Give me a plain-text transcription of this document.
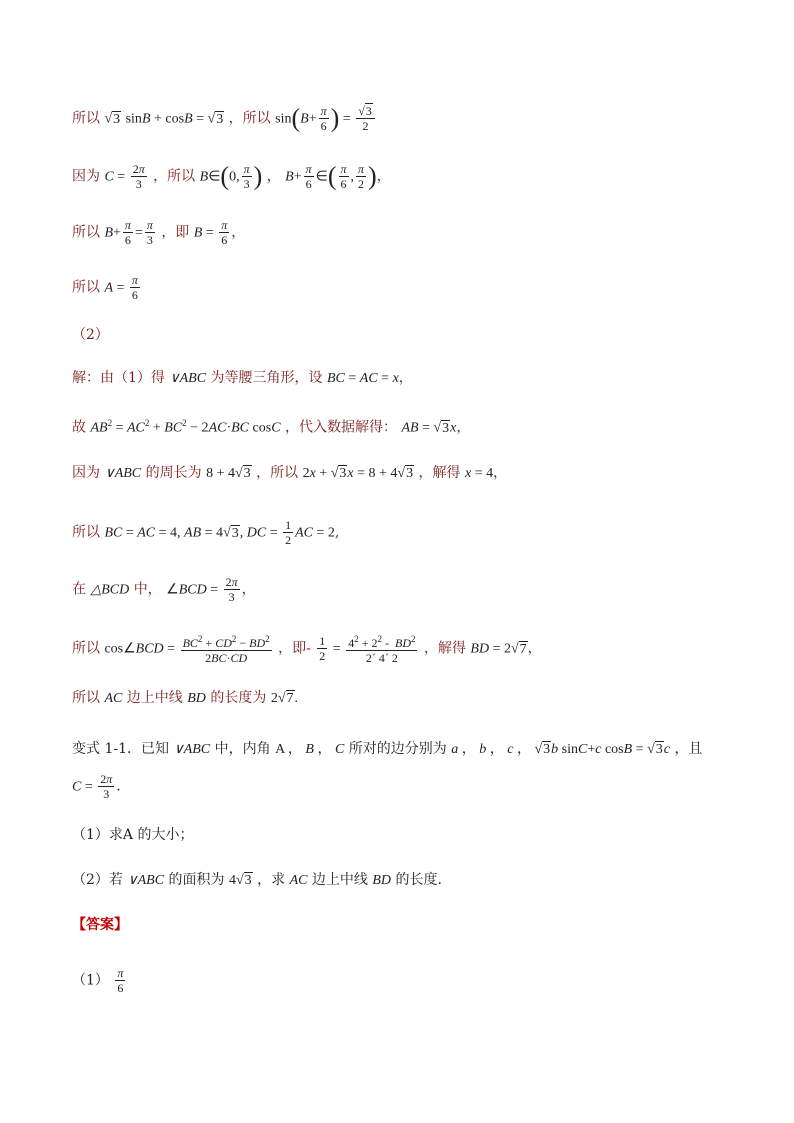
所以 √3 sinB + cosB = √3 ，所以 $\sin(B+ \frac{\pi}{6}$ ) = $\frac{√3}{2}$
因为 $C = \frac{2\pi}{3}$ ，所以 B∈(0, $\frac{\pi}{3}$ ) ， $B+ \frac{\pi}{6}$ ∈( $\frac{\pi}{6}$ , $\frac{\pi}{2}$ )，
所以 $B+ \frac{\pi}{6} = \frac{\pi}{3}$ ，即 $B = \frac{\pi}{6}$ ，
所以 $A = \frac{\pi}{6}$
（2）
解：由（1）得 ∨ABC 为等腰三角形，设 BC = AC = x，
故 $AB^2 = AC^2 + BC^2 - 2AC\cdot BC$ cosC ，代入数据解得： AB = √3x，
因为 ∨ABC 的周长为 8 + 4√3 ，所以 2x + √3x = 8 + 4√3 ，解得 x = 4，
所以 BC = AC = 4, AB = 4√3, DC = $\frac{1}{2}$ AC = 2,
在 △BCD 中， ∠BCD = $\frac{2\pi}{3}$ ，
所以 cos∠BCD = $\frac{BC^2 + CD^2 - BD^2}{2BC\cdot CD}$ ，即- $\frac{1}{2} = \frac{4^2 + 2^2 - BD^2}{2´ 4´ 2}$ ，解得 BD = 2√7，
所以 AC 边上中线 BD 的长度为 2√7.
变式 1-1．已知 ∨ABC 中，内角 A ， B ， C 所对的边分别为 a ， b ， c ， √3b sinC+c cosB = √3c ，且
$C = \frac{2\pi}{3}$ .
（1）求A 的大小；
（2）若 ∨ABC 的面积为 4√3 ，求 AC 边上中线 BD 的长度.
【答案】
$(1) \frac{\pi}{6}$
